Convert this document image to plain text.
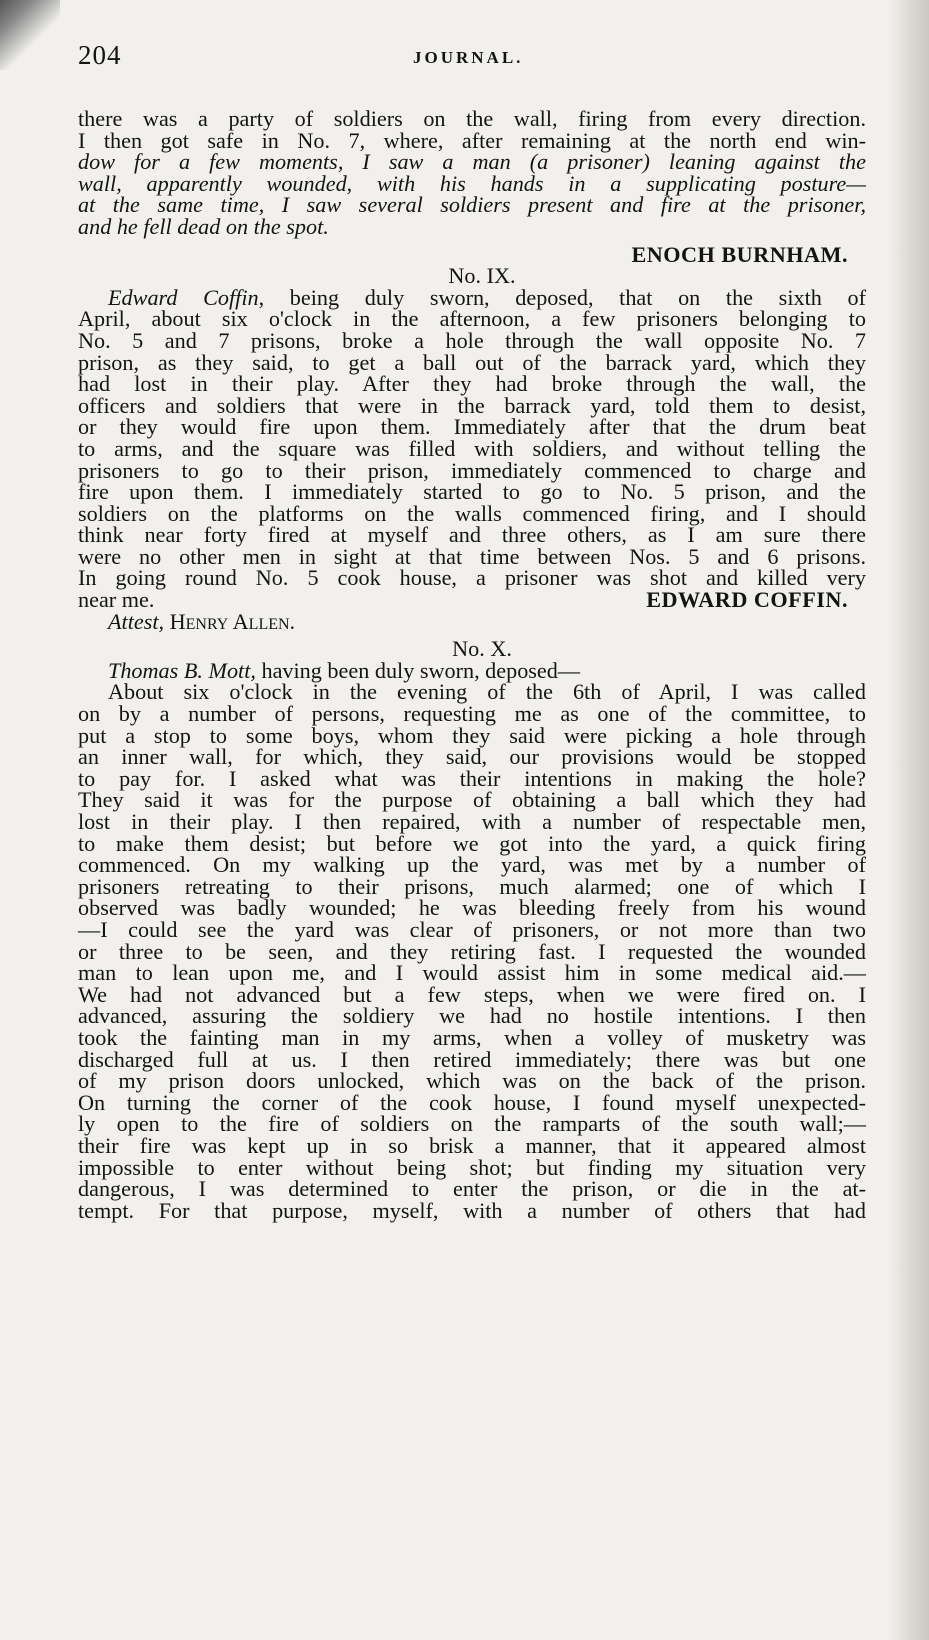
204	JOURNAL.
there was a party of soldiers on the wall, firing from every direction.
I then got safe in No. 7, where, after remaining at the north end win-
dow for a few moments, I saw a man (a prisoner) leaning against the
wall, apparently wounded, with his hands in a supplicating posture—
at the same time, I saw several soldiers present and fire at the prisoner,
and he fell dead on the spot.
ENOCH BURNHAM.
No. IX.
Edward Coffin, being duly sworn, deposed, that on the sixth of
April, about six o'clock in the afternoon, a few prisoners belonging to
No. 5 and 7 prisons, broke a hole through the wall opposite No. 7
prison, as they said, to get a ball out of the barrack yard, which they
had lost in their play. After they had broke through the wall, the
officers and soldiers that were in the barrack yard, told them to desist,
or they would fire upon them. Immediately after that the drum beat
to arms, and the square was filled with soldiers, and without telling the
prisoners to go to their prison, immediately commenced to charge and
fire upon them. I immediately started to go to No. 5 prison, and the
soldiers on the platforms on the walls commenced firing, and I should
think near forty fired at myself and three others, as I am sure there
were no other men in sight at that time between Nos. 5 and 6 prisons.
In going round No. 5 cook house, a prisoner was shot and killed very
near me.	EDWARD COFFIN.
Attest, Henry Allen.
No. X.
Thomas B. Mott, having been duly sworn, deposed—
About six o'clock in the evening of the 6th of April, I was called
on by a number of persons, requesting me as one of the committee, to
put a stop to some boys, whom they said were picking a hole through
an inner wall, for which, they said, our provisions would be stopped
to pay for. I asked what was their intentions in making the hole?
They said it was for the purpose of obtaining a ball which they had
lost in their play. I then repaired, with a number of respectable men,
to make them desist; but before we got into the yard, a quick firing
commenced. On my walking up the yard, was met by a number of
prisoners retreating to their prisons, much alarmed; one of which I
observed was badly wounded; he was bleeding freely from his wound
—I could see the yard was clear of prisoners, or not more than two
or three to be seen, and they retiring fast. I requested the wounded
man to lean upon me, and I would assist him in some medical aid.—
We had not advanced but a few steps, when we were fired on. I
advanced, assuring the soldiery we had no hostile intentions. I then
took the fainting man in my arms, when a volley of musketry was
discharged full at us. I then retired immediately; there was but one
of my prison doors unlocked, which was on the back of the prison.
On turning the corner of the cook house, I found myself unexpected-
ly open to the fire of soldiers on the ramparts of the south wall;—
their fire was kept up in so brisk a manner, that it appeared almost
impossible to enter without being shot; but finding my situation very
dangerous, I was determined to enter the prison, or die in the at-
tempt. For that purpose, myself, with a number of others that had
